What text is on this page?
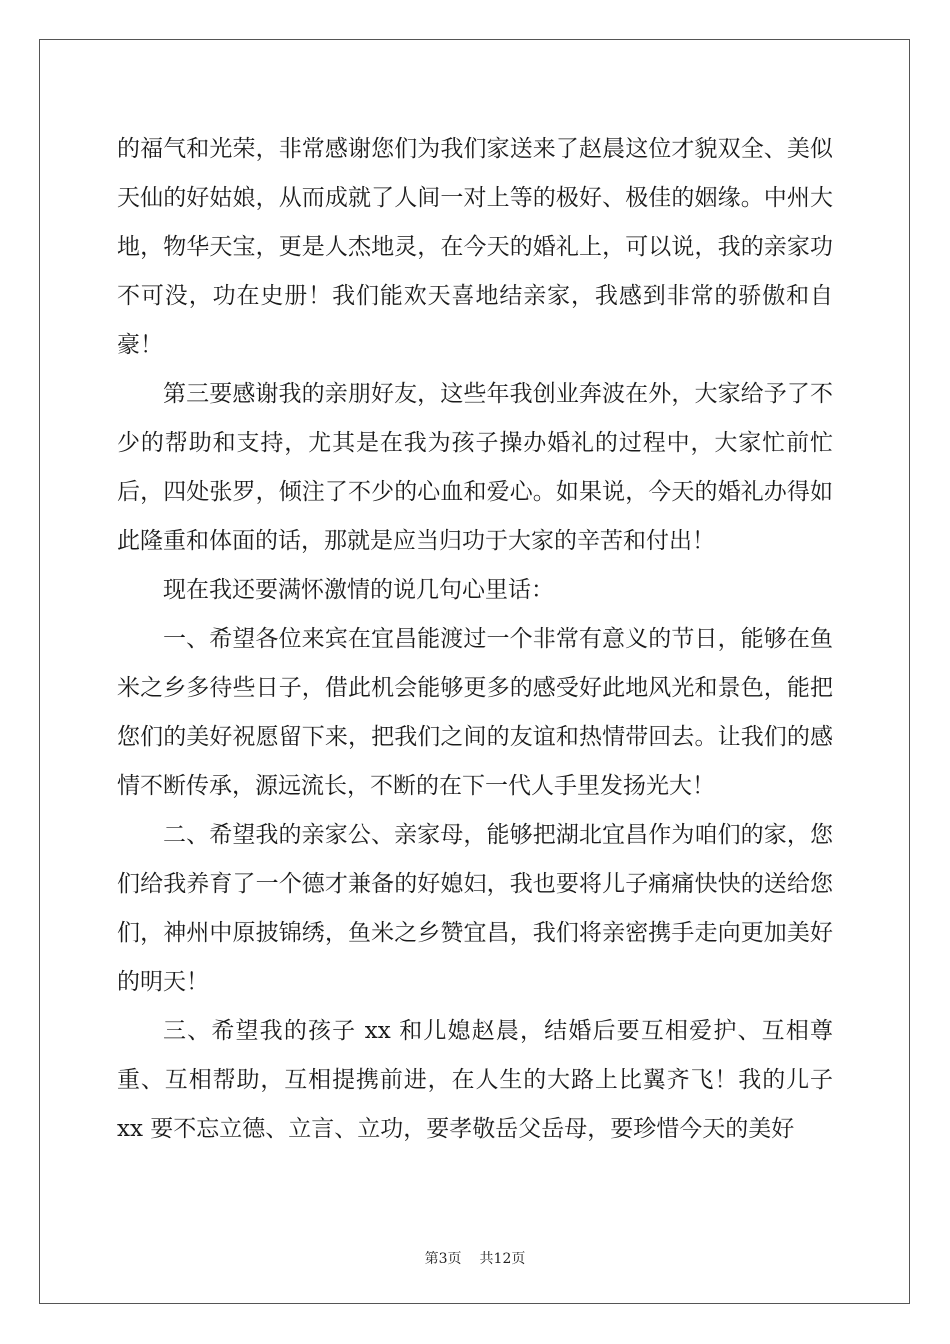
的福气和光荣，非常感谢您们为我们家送来了赵晨这位才貌双全、美似天仙的好姑娘，从而成就了人间一对上等的极好、极佳的姻缘。中州大地，物华天宝，更是人杰地灵，在今天的婚礼上，可以说，我的亲家功不可没，功在史册！我们能欢天喜地结亲家，我感到非常的骄傲和自豪！

第三要感谢我的亲朋好友，这些年我创业奔波在外，大家给予了不少的帮助和支持，尤其是在我为孩子操办婚礼的过程中，大家忙前忙后，四处张罗，倾注了不少的心血和爱心。如果说，今天的婚礼办得如此隆重和体面的话，那就是应当归功于大家的辛苦和付出！

现在我还要满怀激情的说几句心里话：

一、希望各位来宾在宜昌能渡过一个非常有意义的节日，能够在鱼米之乡多待些日子，借此机会能够更多的感受好此地风光和景色，能把您们的美好祝愿留下来，把我们之间的友谊和热情带回去。让我们的感情不断传承，源远流长，不断的在下一代人手里发扬光大！

二、希望我的亲家公、亲家母，能够把湖北宜昌作为咱们的家，您们给我养育了一个德才兼备的好媳妇，我也要将儿子痛痛快快的送给您们，神州中原披锦绣，鱼米之乡赞宜昌，我们将亲密携手走向更加美好的明天！

三、希望我的孩子 xx 和儿媳赵晨，结婚后要互相爱护、互相尊重、互相帮助，互相提携前进，在人生的大路上比翼齐飞！我的儿子 xx 要不忘立德、立言、立功，要孝敬岳父岳母，要珍惜今天的美好

第3页 共12页
